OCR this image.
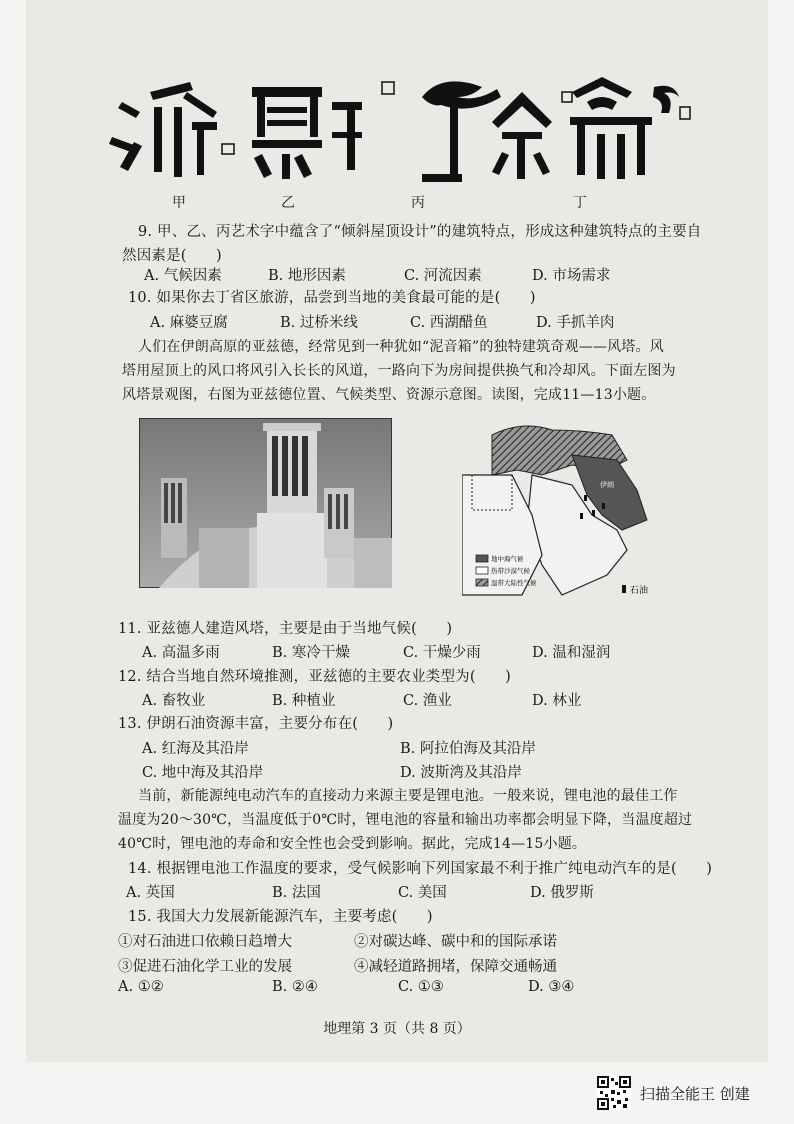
甲	乙	丙	丁
9. 甲、乙、丙艺术字中蕴含了“倾斜屋顶设计”的建筑特点，形成这种建筑特点的主要自
然因素是(　　)
A. 气候因素	B. 地形因素	C. 河流因素	D. 市场需求
10. 如果你去丁省区旅游，品尝到当地的美食最可能的是(　　)
A. 麻婆豆腐	B. 过桥米线	C. 西湖醋鱼	D. 手抓羊肉
人们在伊朗高原的亚兹德，经常见到一种犹如“泥音箱”的独特建筑奇观——风塔。风
塔用屋顶上的风口将风引入长长的风道，一路向下为房间提供换气和冷却风。下面左图为
风塔景观图，右图为亚兹德位置、气候类型、资源示意图。读图，完成11—13小题。
伊朗
地中海气候
热带沙漠气候
温带大陆性气候
石油
11. 亚兹德人建造风塔，主要是由于当地气候(　　)
A. 高温多雨	B. 寒冷干燥	C. 干燥少雨	D. 温和湿润
12. 结合当地自然环境推测，亚兹德的主要农业类型为(　　)
A. 畜牧业	B. 种植业	C. 渔业	D. 林业
13. 伊朗石油资源丰富，主要分布在(　　)
A. 红海及其沿岸	B. 阿拉伯海及其沿岸
C. 地中海及其沿岸	D. 波斯湾及其沿岸
当前，新能源纯电动汽车的直接动力来源主要是锂电池。一般来说，锂电池的最佳工作
温度为20～30℃，当温度低于0℃时，锂电池的容量和输出功率都会明显下降，当温度超过
40℃时，锂电池的寿命和安全性也会受到影响。据此，完成14—15小题。
14. 根据锂电池工作温度的要求，受气候影响下列国家最不利于推广纯电动汽车的是(　　)
A. 英国	B. 法国	C. 美国	D. 俄罗斯
15. 我国大力发展新能源汽车，主要考虑(　　)
①对石油进口依赖日趋增大	②对碳达峰、碳中和的国际承诺
③促进石油化学工业的发展	④减轻道路拥堵，保障交通畅通
A. ①②	B. ②④	C. ①③	D. ③④
地理第 3 页（共 8 页）
扫描全能王 创建
